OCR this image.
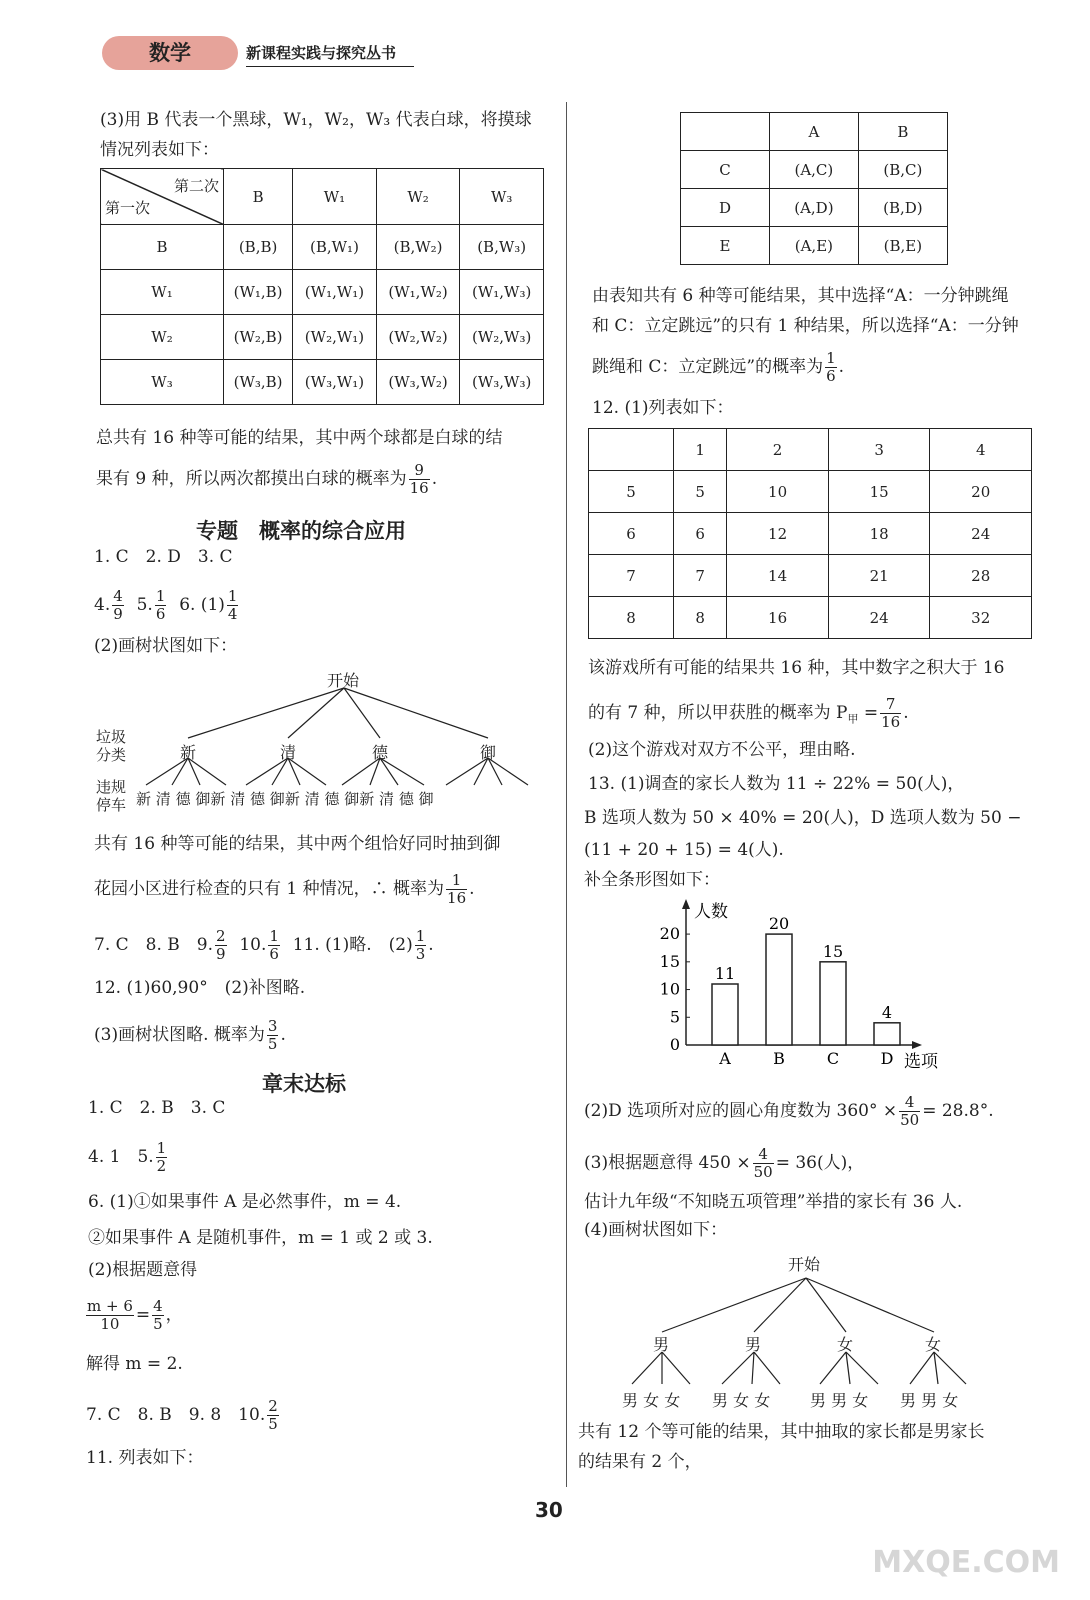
数学	新课程实践与探究丛书
(3)用 B 代表一个黑球，W₁，W₂，W₃ 代表白球，将摸球
情况列表如下：
第二次
第一次	B	W₁	W₂	W₃
B	(B,B)	(B,W₁)	(B,W₂)	(B,W₃)
W₁	(W₁,B)	(W₁,W₁)	(W₁,W₂)	(W₁,W₃)
W₂	(W₂,B)	(W₂,W₁)	(W₂,W₂)	(W₂,W₃)
W₃	(W₃,B)	(W₃,W₁)	(W₃,W₂)	(W₃,W₃)
总共有 16 种等可能的结果，其中两个球都是白球的结
果有 9 种，所以两次都摸出白球的概率为 $\frac{9}{16}$ .
专题　概率的综合应用
1. C　2. D　3. C
4. $\frac{4}{9} 5$. $\frac{1}{6} 6$. $(1) \frac{1}{4}$
(2)画树状图如下：
开始
垃圾
分类
违规
停车
新	清	德	御
新 清 德 御新 清 德 御新 清 德 御新 清 德 御
共有 16 种等可能的结果，其中两个组恰好同时抽到御
花园小区进行检查的只有 1 种情况，∴ 概率为 $\frac{1}{16}$ .
7. C　8. B　9. $\frac{2}{9} 10$. $\frac{1}{6} 11$. (1)略.　$(2) \frac{1}{3}$ .
12. (1)60,90°　(2)补图略.
(3)画树状图略. 概率为 $\frac{3}{5}$ .
章末达标
1. C　2. B　3. C
4. 1　5. $\frac{1}{2}$
6. (1)①如果事件 A 是必然事件，m = 4.
②如果事件 A 是随机事件，m = 1 或 2 或 3.
(2)根据题意得
$\frac{m + 6}{10} = \frac{4}{5}$ ，
解得 m = 2.
7. C　8. B　9. 8　10. $\frac{2}{5}$
11. 列表如下：
	A	B
C	(A,C)	(B,C)
D	(A,D)	(B,D)
E	(A,E)	(B,E)
由表知共有 6 种等可能结果，其中选择“A：一分钟跳绳
和 C：立定跳远”的只有 1 种结果，所以选择“A：一分钟
跳绳和 C：立定跳远”的概率为 $\frac{1}{6}$ .
12. (1)列表如下：
	1	2	3	4
5	5	10	15	20
6	6	12	18	24
7	7	14	21	28
8	8	16	24	32
该游戏所有可能的结果共 16 种，其中数字之积大于 16
的有 7 种，所以甲获胜的概率为 $P_甲 = \frac{7}{16}$ .
(2)这个游戏对双方不公平，理由略.
13. (1)调查的家长人数为 11 ÷ 22% = 50(人)，
B 选项人数为 50 × 40% = 20(人)，D 选项人数为 50 −
(11 + 20 + 15) = 4(人).
补全条形图如下：
人数
选项
0
5
10
15
20
11
A
20
B
15
C
4
D
(2)D 选项所对应的圆心角度数为 $360^\circ \times \frac{4}{50} = 28.8^\circ$.
(3)根据题意得 $450 \times \frac{4}{50} = 36$(人)，
估计九年级“不知晓五项管理”举措的家长有 36 人.
(4)画树状图如下：
开始
男	男	女	女
男 女 女 男 女 女 男 男 女 男 男 女
共有 12 个等可能的结果，其中抽取的家长都是男家长
的结果有 2 个，
30
MXQE.COM
